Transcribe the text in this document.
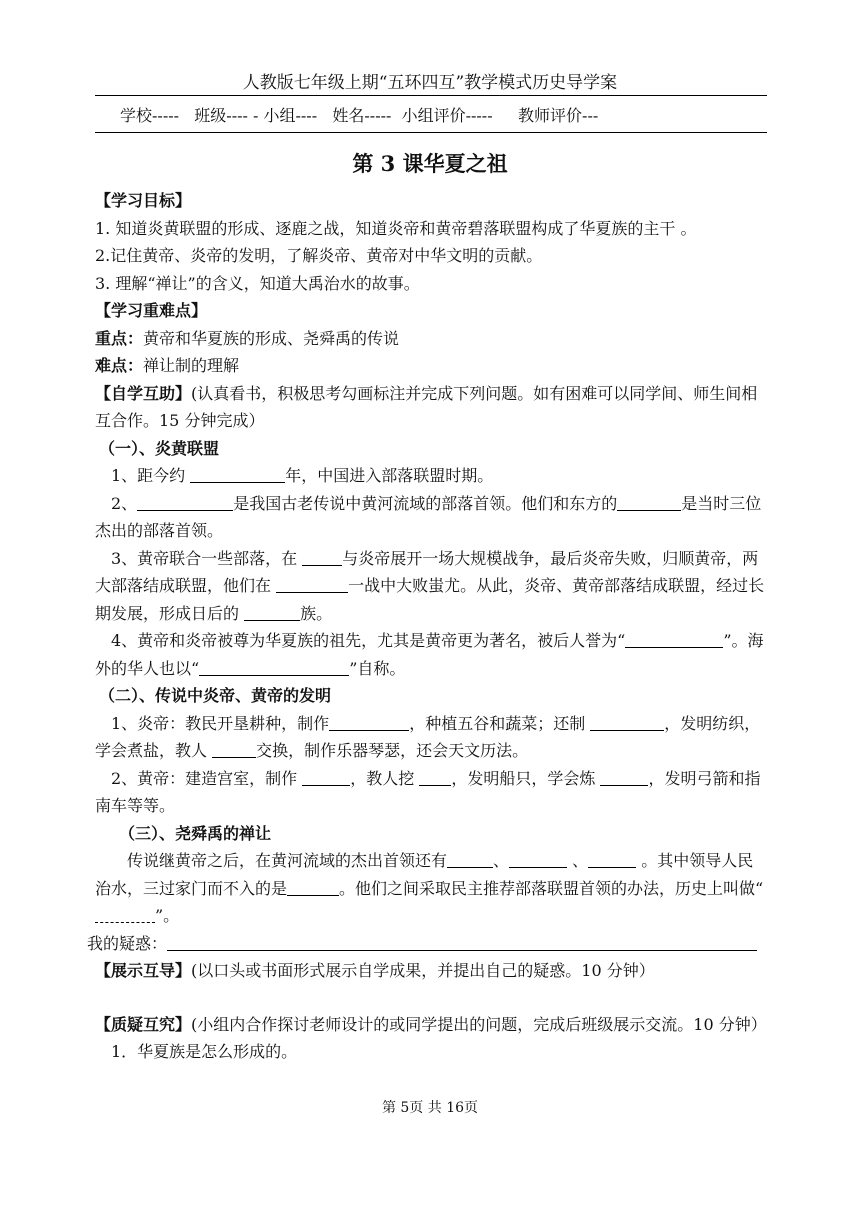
人教版七年级上期“五环四互”教学模式历史导学案
学校-----   班级---- - 小组----   姓名-----  小组评价-----     教师评价---
第 3 课华夏之祖

【学习目标】

1. 知道炎黄联盟的形成、逐鹿之战，知道炎帝和黄帝碧落联盟构成了华夏族的主干 。

2.记住黄帝、炎帝的发明，了解炎帝、黄帝对中华文明的贡献。

3. 理解“禅让”的含义，知道大禹治水的故事。

【学习重难点】

重点：黄帝和华夏族的形成、尧舜禹的传说

难点：禅让制的理解

【自学互助】(认真看书，积极思考勾画标注并完成下列问题。如有困难可以同学间、师生间相互合作。15 分钟完成）

（一）、炎黄联盟

1、距今约	年，中国进入部落联盟时期。

2、	是我国古老传说中黄河流域的部落首领。他们和东方的	是当时三位杰出的部落首领。

3、黄帝联合一些部落，在	与炎帝展开一场大规模战争，最后炎帝失败，归顺黄帝，两大部落结成联盟，他们在	一战中大败蚩尤。从此，炎帝、黄帝部落结成联盟，经过长期发展，形成日后的	族。

4、黄帝和炎帝被尊为华夏族的祖先，尤其是黄帝更为著名，被后人誉为“	”。海外的华人也以“	”自称。

（二）、传说中炎帝、黄帝的发明

1、炎帝：教民开垦耕种，制作	，种植五谷和蔬菜；还制	，发明纺织，学会煮盐，教人	交换，制作乐器琴瑟，还会天文历法。

2、黄帝：建造宫室，制作	，教人挖 ，发明船只，学会炼	，发明弓箭和指南车等等。

（三）、尧舜禹的禅让

传说继黄帝之后，在黄河流域的杰出首领还有	、	、	。其中领导人民治水，三过家门而不入的是	。他们之间采取民主推荐部落联盟首领的办法，历史上叫做“”。

我的疑惑：

【展示互导】(以口头或书面形式展示自学成果，并提出自己的疑惑。10 分钟）

【质疑互究】(小组内合作探讨老师设计的或同学提出的问题，完成后班级展示交流。10 分钟）

1．华夏族是怎么形成的。

第 5页 共 16页
